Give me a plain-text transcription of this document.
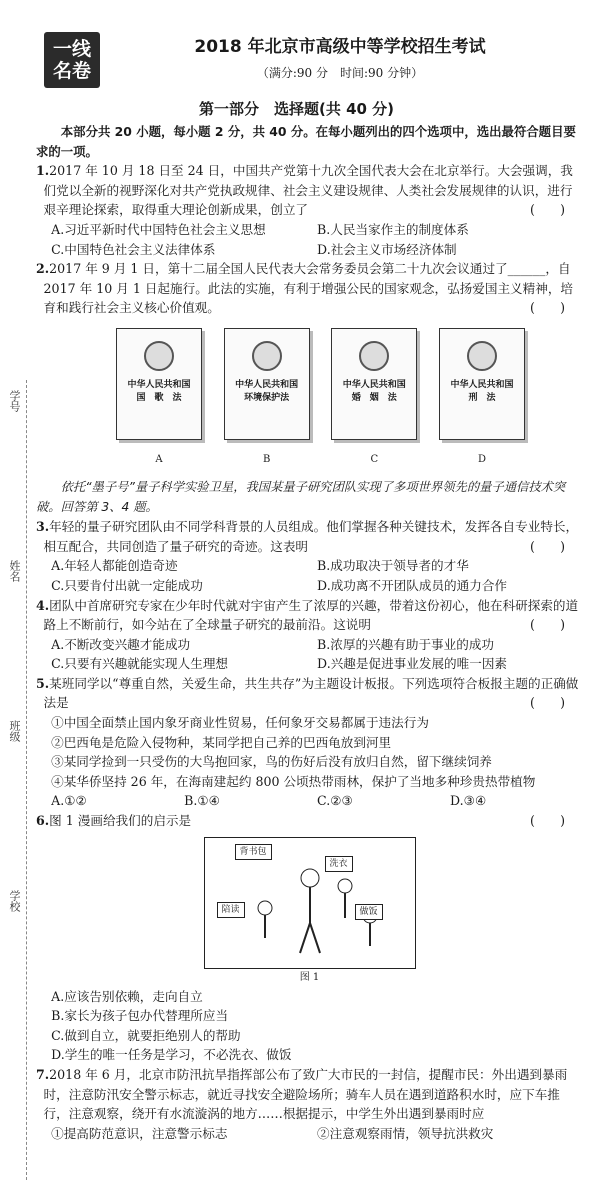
一线
名卷
2018 年北京市高级中等学校招生考试
（满分:90 分　时间:90 分钟）
第一部分　选择题(共 40 分)
学号
姓名
班级
学校

本部分共 20 小题，每小题 2 分，共 40 分。在每小题列出的四个选项中，选出最符合题目要求的一项。

1.2017 年 10 月 18 日至 24 日，中国共产党第十九次全国代表大会在北京举行。大会强调，我们党以全新的视野深化对共产党执政规律、社会主义建设规律、人类社会发展规律的认识，进行艰辛理论探索，取得重大理论创新成果，创立了	(　　)

A.习近平新时代中国特色社会主义思想	B.人民当家作主的制度体系
C.中国特色社会主义法律体系	D.社会主义市场经济体制

2.2017 年 9 月 1 日，第十二届全国人民代表大会常务委员会第二十九次会议通过了______，自 2017 年 10 月 1 日起施行。此法的实施，有利于增强公民的国家观念，弘扬爱国主义精神，培育和践行社会主义核心价值观。	(　　)

中华人民共和国
国　歌　法
A
中华人民共和国
环境保护法
B
中华人民共和国
婚　姻　法
C
中华人民共和国
刑　法
D

依托“墨子号”量子科学实验卫星，我国某量子研究团队实现了多项世界领先的量子通信技术突破。回答第 3、4 题。

3.年轻的量子研究团队由不同学科背景的人员组成。他们掌握各种关键技术，发挥各自专业特长，相互配合，共同创造了量子研究的奇迹。这表明	(　　)

A.年轻人都能创造奇迹	B.成功取决于领导者的才华
C.只要肯付出就一定能成功	D.成功离不开团队成员的通力合作

4.团队中首席研究专家在少年时代就对宇宙产生了浓厚的兴趣，带着这份初心，他在科研探索的道路上不断前行，如今站在了全球量子研究的最前沿。这说明	(　　)

A.不断改变兴趣才能成功	B.浓厚的兴趣有助于事业的成功
C.只要有兴趣就能实现人生理想	D.兴趣是促进事业发展的唯一因素

5.某班同学以“尊重自然，关爱生命，共生共存”为主题设计板报。下列选项符合板报主题的正确做法是	(　　)

①中国全面禁止国内象牙商业性贸易，任何象牙交易都属于违法行为

②巴西龟是危险入侵物种，某同学把自己养的巴西龟放到河里

③某同学捡到一只受伤的大鸟抱回家，鸟的伤好后没有放归自然，留下继续饲养

④某华侨坚持 26 年，在海南建起约 800 公顷热带雨林，保护了当地多种珍贵热带植物

A.①②	B.①④	C.②③	D.③④

6.图 1 漫画给我们的启示是	(　　)

背书包
洗衣
陪读	做饭
图 1

A.应该告别依赖，走向自立

B.家长为孩子包办代替理所应当

C.做到自立，就要拒绝别人的帮助

D.学生的唯一任务是学习，不必洗衣、做饭

7.2018 年 6 月，北京市防汛抗旱指挥部公布了致广大市民的一封信，提醒市民：外出遇到暴雨时，注意防汛安全警示标志，就近寻找安全避险场所；骑车人员在遇到道路积水时，应下车推行，注意观察，绕开有水流漩涡的地方……根据提示，中学生外出遇到暴雨时应

①提高防范意识，注意警示标志	②注意观察雨情，领导抗洪救灾
